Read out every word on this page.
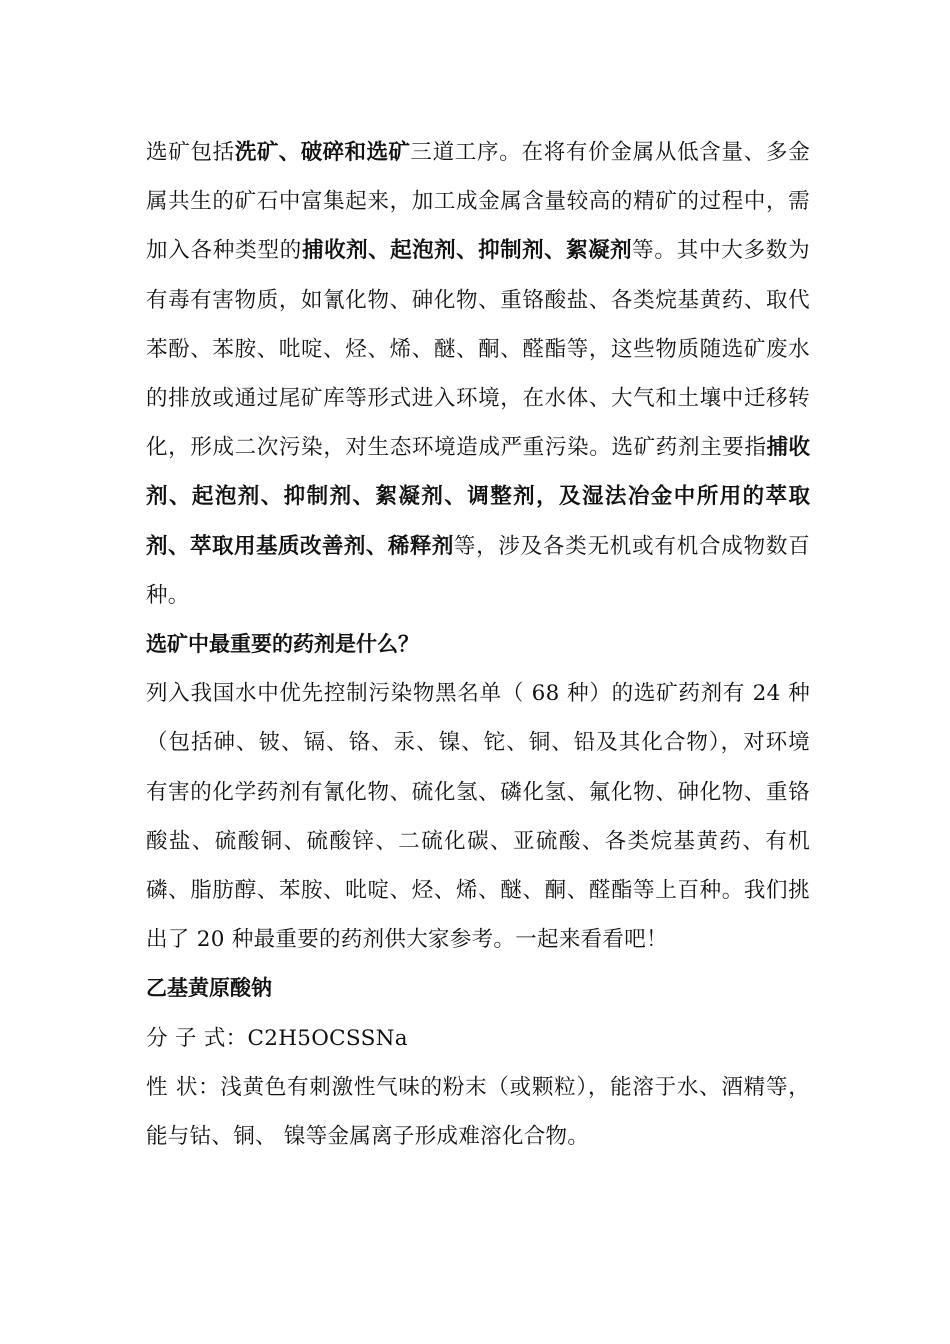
选矿包括洗矿、破碎和选矿三道工序。在将有价金属从低含量、多金属共生的矿石中富集起来，加工成金属含量较高的精矿的过程中，需加入各种类型的捕收剂、起泡剂、抑制剂、絮凝剂等。其中大多数为有毒有害物质，如氰化物、砷化物、重铬酸盐、各类烷基黄药、取代苯酚、苯胺、吡啶、烃、烯、醚、酮、醛酯等，这些物质随选矿废水的排放或通过尾矿库等形式进入环境，在水体、大气和土壤中迁移转化，形成二次污染，对生态环境造成严重污染。选矿药剂主要指捕收剂、起泡剂、抑制剂、絮凝剂、调整剂，及湿法冶金中所用的萃取剂、萃取用基质改善剂、稀释剂等，涉及各类无机或有机合成物数百种。

选矿中最重要的药剂是什么？

列入我国水中优先控制污染物黑名单（ 68 种）的选矿药剂有 24 种（包括砷、铍、镉、铬、汞、镍、铊、铜、铅及其化合物），对环境有害的化学药剂有氰化物、硫化氢、磷化氢、氟化物、砷化物、重铬酸盐、硫酸铜、硫酸锌、二硫化碳、亚硫酸、各类烷基黄药、有机磷、脂肪醇、苯胺、吡啶、烃、烯、醚、酮、醛酯等上百种。我们挑出了 20 种最重要的药剂供大家参考。一起来看看吧！

乙基黄原酸钠

分 子 式：C2H5OCSSNa

性 状：浅黄色有刺激性气味的粉末（或颗粒），能溶于水、酒精等，能与钴、铜、 镍等金属离子形成难溶化合物。
